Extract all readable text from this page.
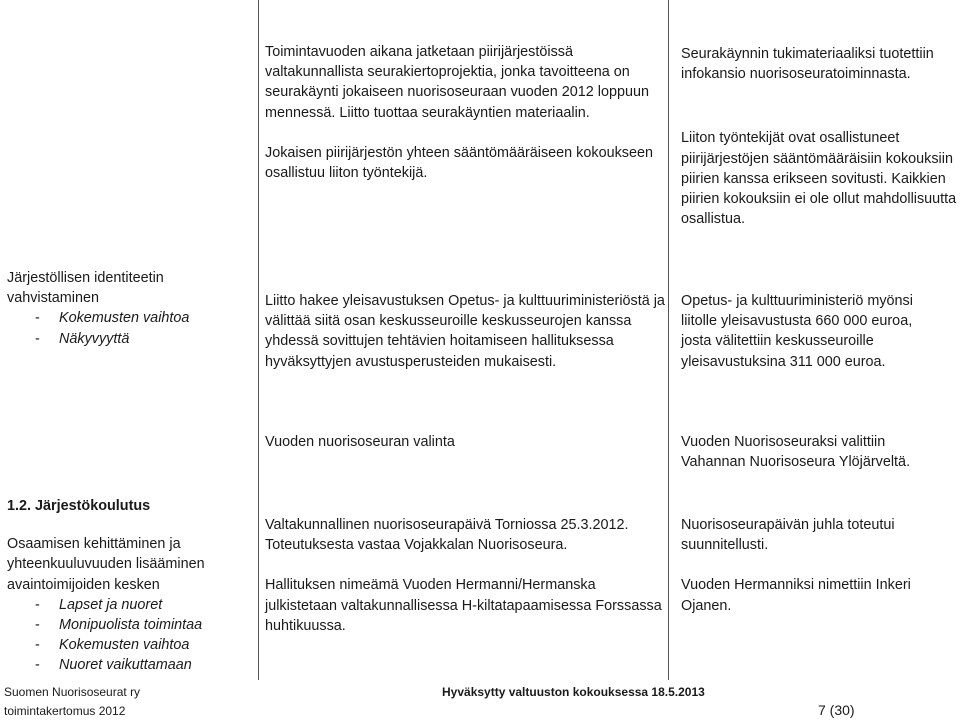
Toimintavuoden aikana jatketaan piirijärjestöissä valtakunnallista seurakiertoprojektia, jonka tavoitteena on seurakäynti jokaiseen nuorisoseuraan vuoden 2012 loppuun mennessä. Liitto tuottaa seurakäyntien materiaalin.

Jokaisen piirijärjestön yhteen sääntömääräiseen kokoukseen osallistuu liiton työntekijä.

Seurakäynnin tukimateriaaliksi tuotettiin infokansio nuorisoseuratoiminnasta.

Liiton työntekijät ovat osallistuneet piirijärjestöjen sääntömääräisiin kokouksiin piirien kanssa erikseen sovitusti. Kaikkien piirien kokouksiin ei ole ollut mahdollisuutta osallistua.

Järjestöllisen identiteetin vahvistaminen

- Kokemusten vaihtoa
- Näkyvyyttä

Liitto hakee yleisavustuksen Opetus- ja kulttuuriministeriöstä ja välittää siitä osan keskusseuroille keskusseurojen kanssa yhdessä sovittujen tehtävien hoitamiseen hallituksessa hyväksyttyjen avustusperusteiden mukaisesti.

Opetus- ja kulttuuriministeriö myönsi liitolle yleisavustusta 660 000 euroa, josta välitettiin keskusseuroille yleisavustuksina 311 000 euroa.

Vuoden nuorisoseuran valinta	Vuoden Nuorisoseuraksi valittiin Vahannan Nuorisoseura Ylöjärveltä.

1.2. Järjestökoulutus

Osaamisen kehittäminen ja yhteenkuuluvuuden lisääminen avaintoimijoiden kesken

- Lapset ja nuoret
- Monipuolista toimintaa
- Kokemusten vaihtoa
- Nuoret vaikuttamaan

Valtakunnallinen nuorisoseurapäivä Torniossa 25.3.2012. Toteutuksesta vastaa Vojakkalan Nuorisoseura.

Hallituksen nimeämä Vuoden Hermanni/Hermanska julkistetaan valtakunnallisessa H-kiltatapaamisessa Forssassa huhtikuussa.

Nuorisoseurapäivän juhla toteutui suunnitellusti.

Vuoden Hermanniksi nimettiin Inkeri Ojanen.

Suomen Nuorisoseurat ry
toimintakertomus 2012
Hyväksytty valtuuston kokouksessa 18.5.2013
7 (30)
